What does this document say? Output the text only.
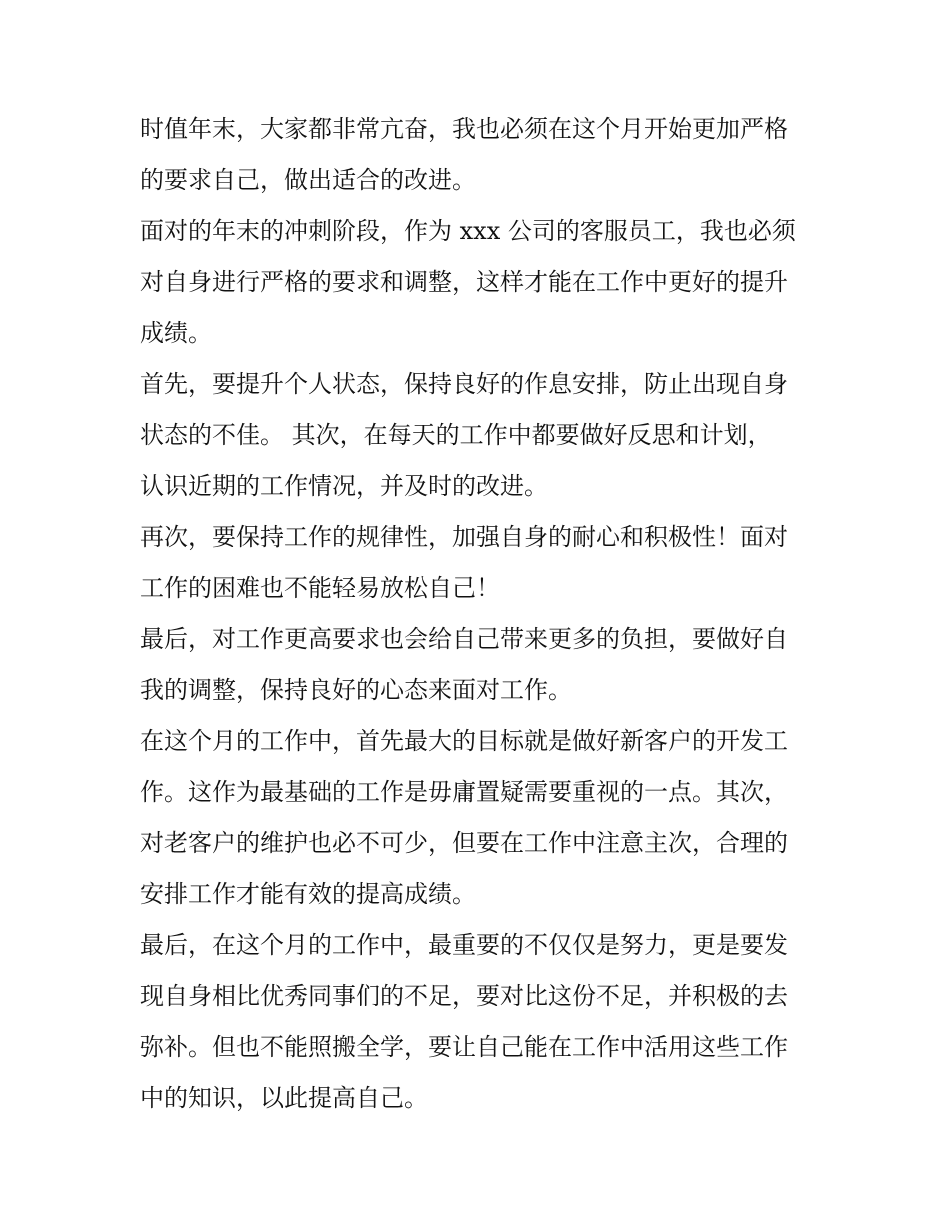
时值年末，大家都非常亢奋，我也必须在这个月开始更加严格
的要求自己，做出适合的改进。
面对的年末的冲刺阶段，作为 xxx 公司的客服员工，我也必须
对自身进行严格的要求和调整，这样才能在工作中更好的提升
成绩。
首先，要提升个人状态，保持良好的作息安排，防止出现自身
状态的不佳。 其次，在每天的工作中都要做好反思和计划，
认识近期的工作情况，并及时的改进。
再次，要保持工作的规律性，加强自身的耐心和积极性！面对
工作的困难也不能轻易放松自己！
最后，对工作更高要求也会给自己带来更多的负担，要做好自
我的调整，保持良好的心态来面对工作。
在这个月的工作中，首先最大的目标就是做好新客户的开发工
作。这作为最基础的工作是毋庸置疑需要重视的一点。其次，
对老客户的维护也必不可少，但要在工作中注意主次，合理的
安排工作才能有效的提高成绩。
最后，在这个月的工作中，最重要的不仅仅是努力，更是要发
现自身相比优秀同事们的不足，要对比这份不足，并积极的去
弥补。但也不能照搬全学，要让自己能在工作中活用这些工作
中的知识，以此提高自己。
